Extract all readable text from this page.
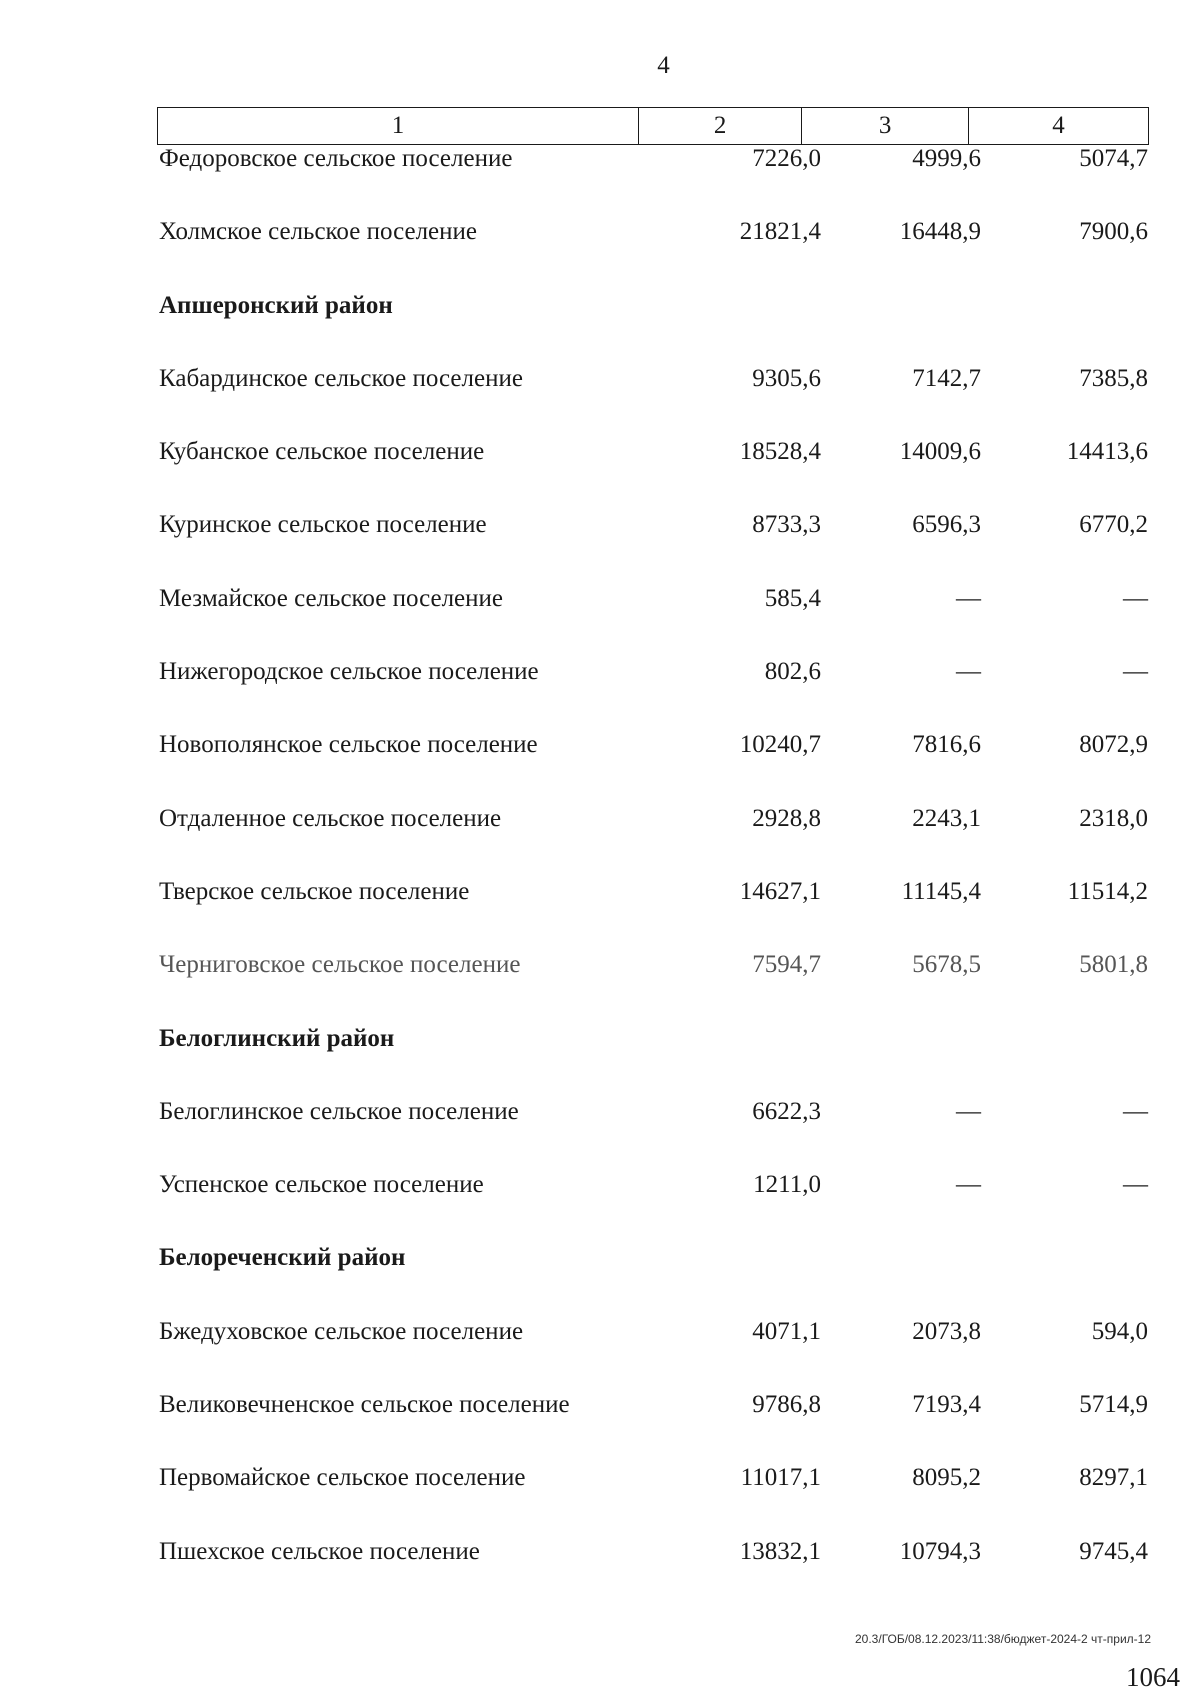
4
1	2	3	4
Федоровское сельское поселение	7226,0	4999,6	5074,7
Холмское сельское поселение	21821,4	16448,9	7900,6
Апшеронский район
Кабардинское сельское поселение	9305,6	7142,7	7385,8
Кубанское сельское поселение	18528,4	14009,6	14413,6
Куринское сельское поселение	8733,3	6596,3	6770,2
Мезмайское сельское поселение	585,4	—	—
Нижегородское сельское поселение	802,6	—	—
Новополянское сельское поселение	10240,7	7816,6	8072,9
Отдаленное сельское поселение	2928,8	2243,1	2318,0
Тверское сельское поселение	14627,1	11145,4	11514,2
Черниговское сельское поселение	7594,7	5678,5	5801,8
Белоглинский район
Белоглинское сельское поселение	6622,3	—	—
Успенское сельское поселение	1211,0	—	—
Белореченский район
Бжедуховское сельское поселение	4071,1	2073,8	594,0
Великовечненское сельское поселение	9786,8	7193,4	5714,9
Первомайское сельское поселение	11017,1	8095,2	8297,1
Пшехское сельское поселение	13832,1	10794,3	9745,4
20.3/ГОБ/08.12.2023/11:38/бюджет-2024-2 чт-прил-12
1064
